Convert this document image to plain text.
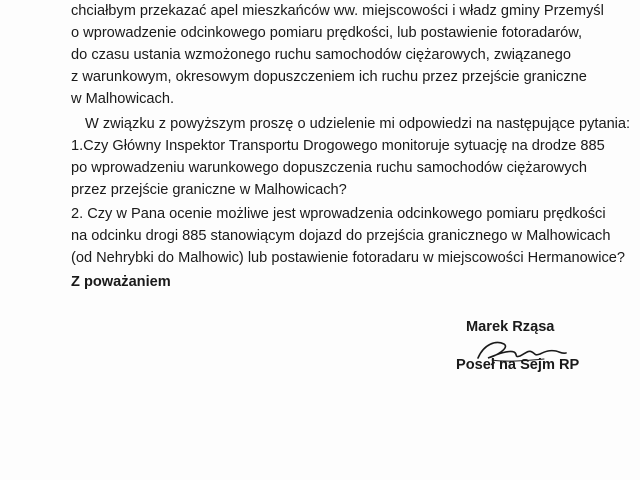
chciałbym przekazać apel mieszkańców ww. miejscowości i władz gminy Przemyśl
o wprowadzenie odcinkowego pomiaru prędkości, lub postawienie fotoradarów,
do czasu ustania wzmożonego ruchu samochodów ciężarowych, związanego
z warunkowym, okresowym dopuszczeniem ich ruchu przez przejście graniczne
w Malhowicach.
W związku z powyższym proszę o udzielenie mi odpowiedzi na następujące pytania:
1.Czy Główny Inspektor Transportu Drogowego monitoruje sytuację na drodze 885
po wprowadzeniu warunkowego dopuszczenia ruchu samochodów ciężarowych
przez przejście graniczne w Malhowicach?
2. Czy w Pana ocenie możliwe jest wprowadzenia odcinkowego pomiaru prędkości
na odcinku drogi 885 stanowiącym dojazd do przejścia granicznego w Malhowicach
(od Nehrybki do Malhowic) lub postawienie fotoradaru w miejscowości Hermanowice?
Z poważaniem
Marek Rząsa
Poseł na Sejm RP
